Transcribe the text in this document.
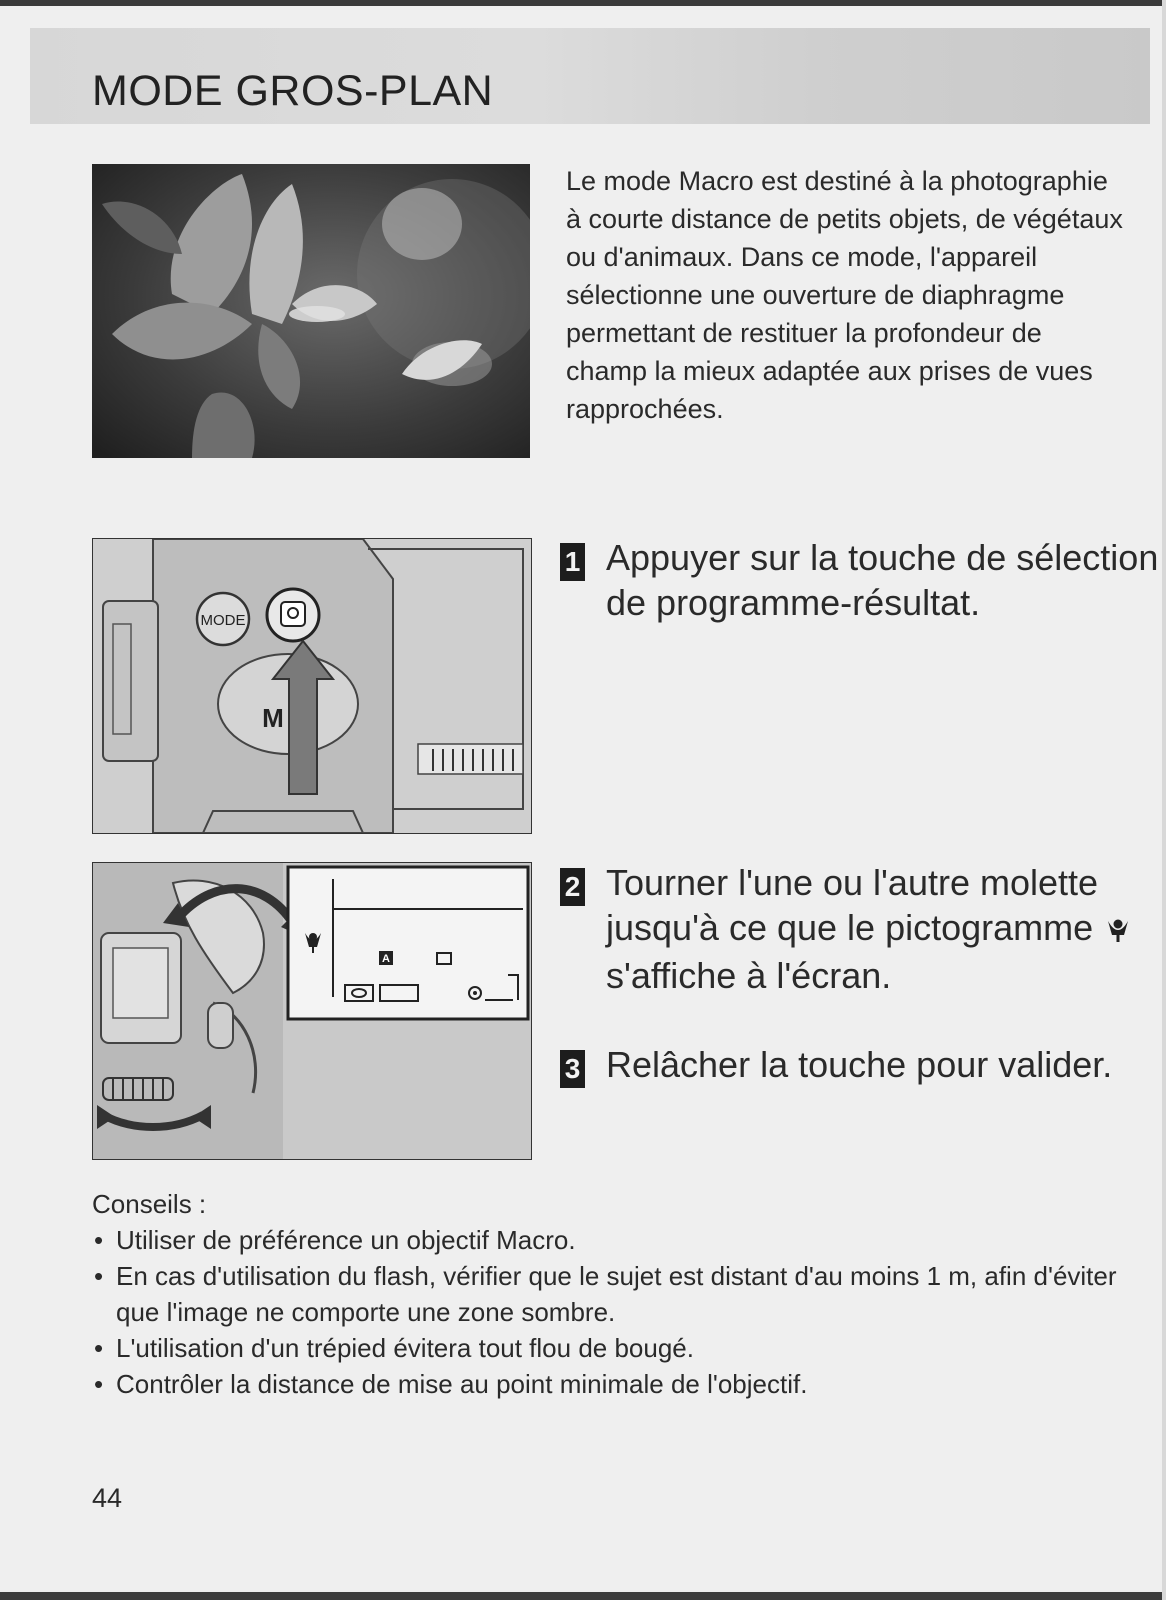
MODE GROS-PLAN

Le mode Macro est destiné à la photographie à courte distance de petits objets, de végétaux ou d'animaux. Dans ce mode, l'appareil sélectionne une ouverture de diaphragme permettant de restituer la profondeur de champ la mieux adaptée aux prises de vues rapprochées.

MODE
M
A
1 Appuyer sur la touche de sélection de programme-résultat.

2 Tourner l'une ou l'autre molette jusqu'à ce que le pictogramme  s'affiche à l'écran.

3 Relâcher la touche pour valider.

Conseils :

• Utiliser de préférence un objectif Macro.
• En cas d'utilisation du flash, vérifier que le sujet est distant d'au moins 1 m, afin d'éviter que l'image ne comporte une zone sombre.
• L'utilisation d'un trépied évitera tout flou de bougé.
• Contrôler la distance de mise au point minimale de l'objectif.
44
